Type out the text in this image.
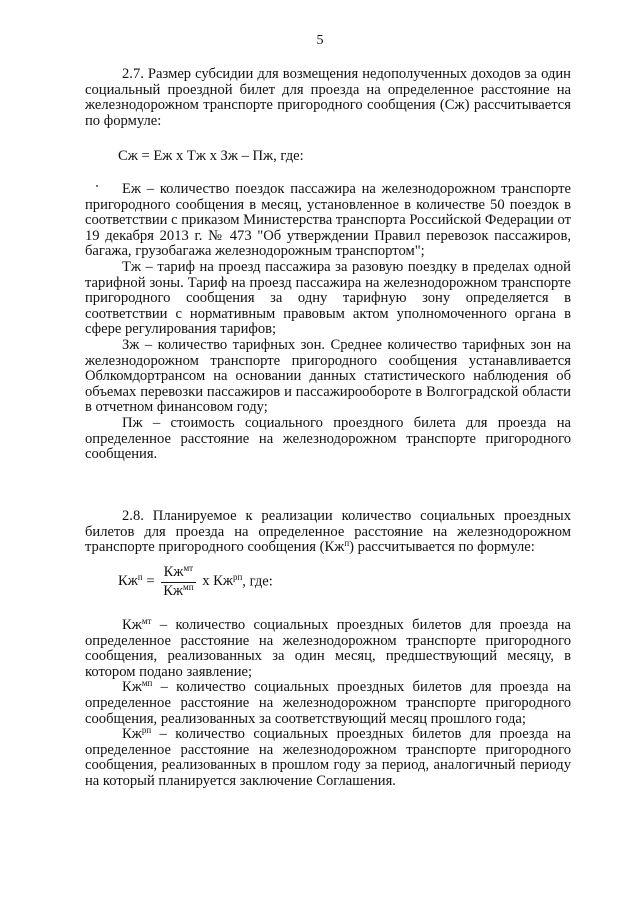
5

2.7. Размер субсидии для возмещения недополученных доходов за один социальный проездной билет для проезда на определенное расстояние на железнодорожном транспорте пригородного сообщения (Сж) рассчитывается по формуле:

Сж = Еж х Тж х Зж – Пж, где:

Еж – количество поездок пассажира на железнодорожном транспорте пригородного сообщения в месяц, установленное в количестве 50 поездок в соответствии с приказом Министерства транспорта Российской Федерации от 19 декабря 2013 г. № 473 "Об утверждении Правил перевозок пассажиров, багажа, грузобагажа железнодорожным транспортом";

Тж – тариф на проезд пассажира за разовую поездку в пределах одной тарифной зоны. Тариф на проезд пассажира на железнодорожном транспорте пригородного сообщения за одну тарифную зону определяется в соответствии с нормативным правовым актом уполномоченного органа в сфере регулирования тарифов;

Зж – количество тарифных зон. Среднее количество тарифных зон на железнодорожном транспорте пригородного сообщения устанавливается Облкомдортрансом на основании данных статистического наблюдения об объемах перевозки пассажиров и пассажирообороте в Волгоградской области в отчетном финансовом году;

Пж – стоимость социального проездного билета для проезда на определенное расстояние на железнодорожном транспорте пригородного сообщения.

2.8. Планируемое к реализации количество социальных проездных билетов для проезда на определенное расстояние на железнодорожном транспорте пригородного сообщения $(Кж^п)$ рассчитывается по формуле:

$Кж^п = \frac{Кж^{мт}}{Кж^{мп}}$ х $Кж^{рп}$, где:

$Кж^{мт}$ – количество социальных проездных билетов для проезда на определенное расстояние на железнодорожном транспорте пригородного сообщения, реализованных за один месяц, предшествующий месяцу, в котором подано заявление;

$Кж^{мп}$ – количество социальных проездных билетов для проезда на определенное расстояние на железнодорожном транспорте пригородного сообщения, реализованных за соответствующий месяц прошлого года;

$Кж^{рп}$ – количество социальных проездных билетов для проезда на определенное расстояние на железнодорожном транспорте пригородного сообщения, реализованных в прошлом году за период, аналогичный периоду на который планируется заключение Соглашения.
